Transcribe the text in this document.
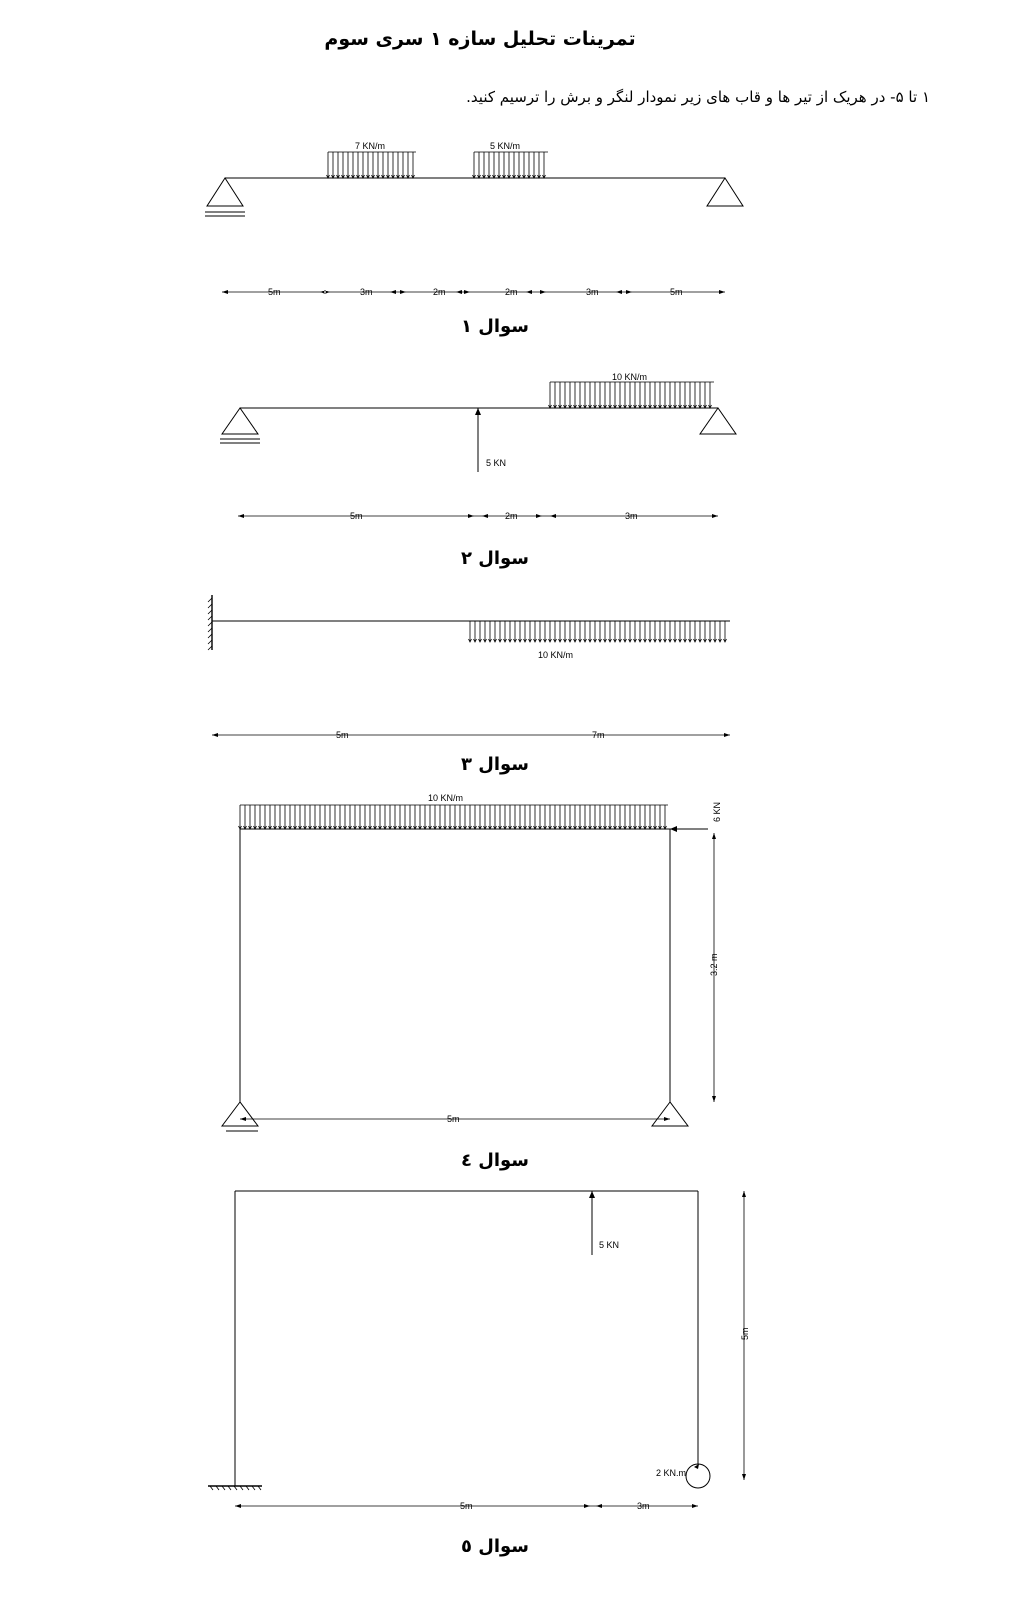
تمرینات تحلیل سازه ۱ سری سوم
۱ تا ۵- در هریک از تیر ها و قاب های زیر نمودار لنگر و برش را ترسیم کنید.
7 KN/m	5 KN/m
5m	3m	2m	2m	3m	5m
سوال ۱
10 KN/m
5 KN
5m	2m	3m
سوال ۲
10 KN/m
5m	7m
سوال ۳
10 KN/m
6 KN
3.2 m
5m
سوال ٤
5 KN
2 KN.m
5m
5m	3m
سوال ٥
